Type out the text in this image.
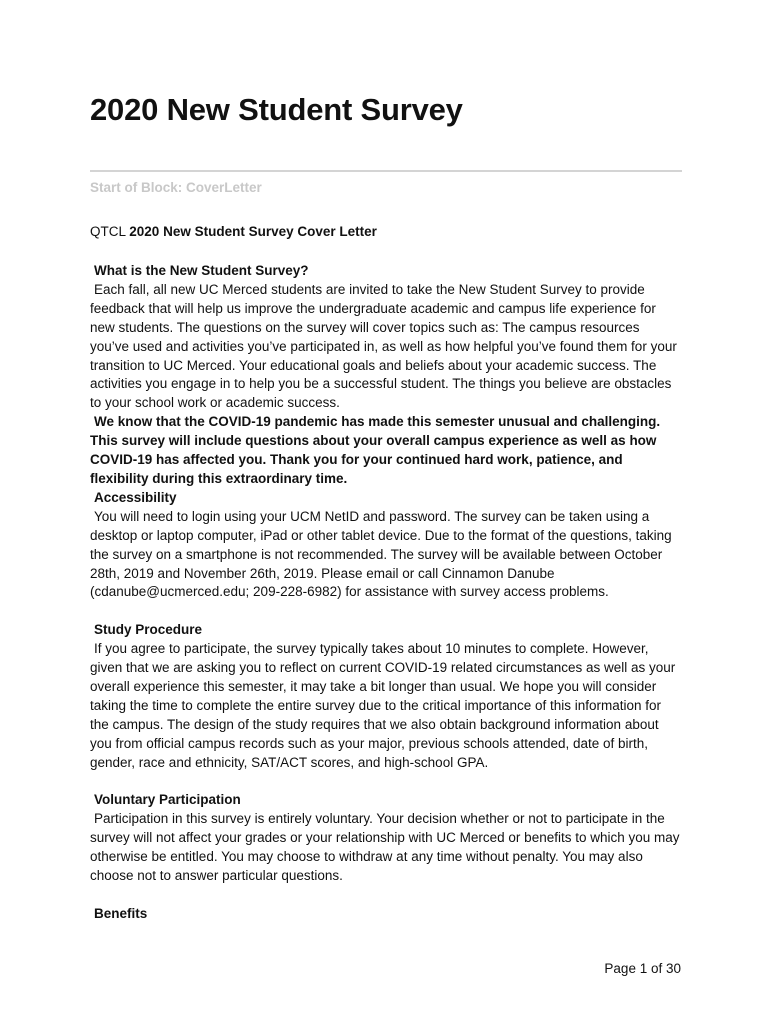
2020 New Student Survey
Start of Block: CoverLetter
QTCL 2020 New Student Survey Cover Letter

What is the New Student Survey?

Each fall, all new UC Merced students are invited to take the New Student Survey to provide feedback that will help us improve the undergraduate academic and campus life experience for new students. The questions on the survey will cover topics such as: The campus resources you’ve used and activities you’ve participated in, as well as how helpful you’ve found them for your transition to UC Merced. Your educational goals and beliefs about your academic success. The activities you engage in to help you be a successful student. The things you believe are obstacles to your school work or academic success.

We know that the COVID-19 pandemic has made this semester unusual and challenging. This survey will include questions about your overall campus experience as well as how COVID-19 has affected you. Thank you for your continued hard work, patience, and flexibility during this extraordinary time.

Accessibility

You will need to login using your UCM NetID and password. The survey can be taken using a desktop or laptop computer, iPad or other tablet device. Due to the format of the questions, taking the survey on a smartphone is not recommended. The survey will be available between October 28th, 2019 and November 26th, 2019. Please email or call Cinnamon Danube (cdanube@ucmerced.edu; 209-228-6982) for assistance with survey access problems.

Study Procedure

If you agree to participate, the survey typically takes about 10 minutes to complete. However, given that we are asking you to reflect on current COVID-19 related circumstances as well as your overall experience this semester, it may take a bit longer than usual. We hope you will consider taking the time to complete the entire survey due to the critical importance of this information for the campus. The design of the study requires that we also obtain background information about you from official campus records such as your major, previous schools attended, date of birth, gender, race and ethnicity, SAT/ACT scores, and high-school GPA.

Voluntary Participation

Participation in this survey is entirely voluntary. Your decision whether or not to participate in the survey will not affect your grades or your relationship with UC Merced or benefits to which you may otherwise be entitled. You may choose to withdraw at any time without penalty. You may also choose not to answer particular questions.

Benefits

Page 1 of 30
